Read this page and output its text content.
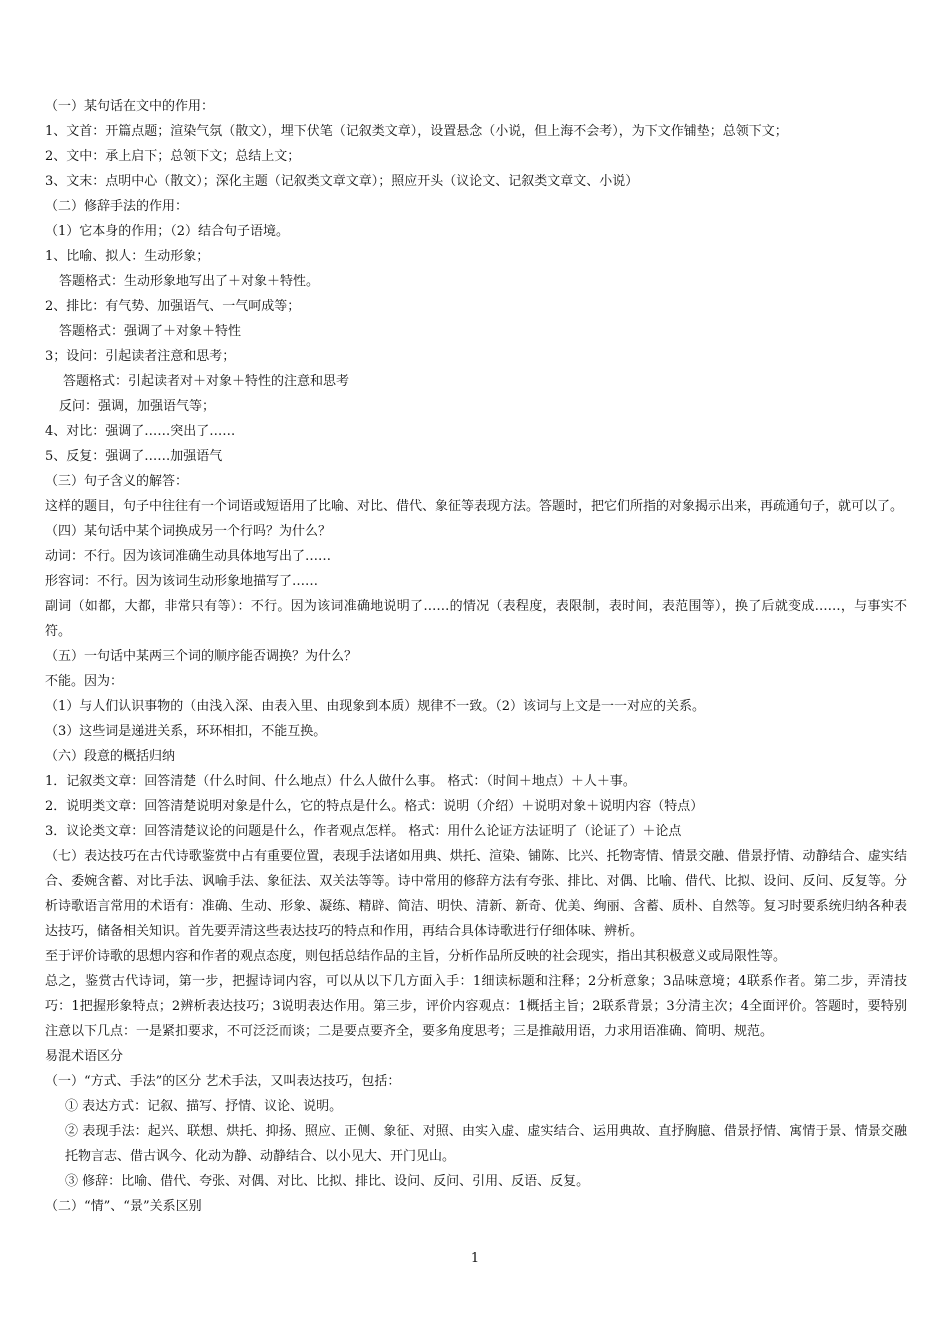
（一）某句话在文中的作用：
1、文首：开篇点题；渲染气氛（散文），埋下伏笔（记叙类文章），设置悬念（小说，但上海不会考），为下文作铺垫；总领下文；
2、文中：承上启下；总领下文；总结上文；
3、文末：点明中心（散文）；深化主题（记叙类文章文章）；照应开头（议论文、记叙类文章文、小说）
（二）修辞手法的作用：
（1）它本身的作用；（2）结合句子语境。
1、比喻、拟人：生动形象；
答题格式：生动形象地写出了＋对象＋特性。
2、排比：有气势、加强语气、一气呵成等；
答题格式：强调了＋对象＋特性
3；设问：引起读者注意和思考；
答题格式：引起读者对＋对象＋特性的注意和思考
反问：强调，加强语气等；
4、对比：强调了……突出了……
5、反复：强调了……加强语气
（三）句子含义的解答：
这样的题目，句子中往往有一个词语或短语用了比喻、对比、借代、象征等表现方法。答题时，把它们所指的对象揭示出来，再疏通句子，就可以了。
（四）某句话中某个词换成另一个行吗？为什么？
动词：不行。因为该词准确生动具体地写出了……
形容词：不行。因为该词生动形象地描写了……
副词（如都，大都，非常只有等）：不行。因为该词准确地说明了……的情况（表程度，表限制，表时间，表范围等），换了后就变成……，与事实不符。
（五）一句话中某两三个词的顺序能否调换？为什么？
不能。因为：
（1）与人们认识事物的（由浅入深、由表入里、由现象到本质）规律不一致。（2）该词与上文是一一对应的关系。
（3）这些词是递进关系，环环相扣，不能互换。
（六）段意的概括归纳
1．记叙类文章：回答清楚（什么时间、什么地点）什么人做什么事。 格式：（时间＋地点）＋人＋事。
2．说明类文章：回答清楚说明对象是什么，它的特点是什么。格式：说明（介绍）＋说明对象＋说明内容（特点）
3．议论类文章：回答清楚议论的问题是什么，作者观点怎样。 格式：用什么论证方法证明了（论证了）＋论点
（七）表达技巧在古代诗歌鉴赏中占有重要位置，表现手法诸如用典、烘托、渲染、铺陈、比兴、托物寄情、情景交融、借景抒情、动静结合、虚实结合、委婉含蓄、对比手法、讽喻手法、象征法、双关法等等。诗中常用的修辞方法有夸张、排比、对偶、比喻、借代、比拟、设问、反问、反复等。分析诗歌语言常用的术语有：准确、生动、形象、凝练、精辟、简洁、明快、清新、新奇、优美、绚丽、含蓄、质朴、自然等。复习时要系统归纳各种表达技巧，储备相关知识。首先要弄清这些表达技巧的特点和作用，再结合具体诗歌进行仔细体味、辨析。
至于评价诗歌的思想内容和作者的观点态度，则包括总结作品的主旨，分析作品所反映的社会现实，指出其积极意义或局限性等。
总之，鉴赏古代诗词，第一步，把握诗词内容，可以从以下几方面入手：1细读标题和注释；2分析意象；3品味意境；4联系作者。第二步，弄清技巧：1把握形象特点；2辨析表达技巧；3说明表达作用。第三步，评价内容观点：1概括主旨；2联系背景；3分清主次；4全面评价。答题时，要特别注意以下几点：一是紧扣要求，不可泛泛而谈；二是要点要齐全，要多角度思考；三是推敲用语，力求用语准确、简明、规范。
易混术语区分
（一）“方式、手法”的区分 艺术手法，又叫表达技巧，包括：
① 表达方式：记叙、描写、抒情、议论、说明。
② 表现手法：起兴、联想、烘托、抑扬、照应、正侧、象征、对照、由实入虚、虚实结合、运用典故、直抒胸臆、借景抒情、寓情于景、情景交融托物言志、借古讽今、化动为静、动静结合、以小见大、开门见山。
③ 修辞：比喻、借代、夸张、对偶、对比、比拟、排比、设问、反问、引用、反语、反复。
（二）“情”、“景”关系区别
1
